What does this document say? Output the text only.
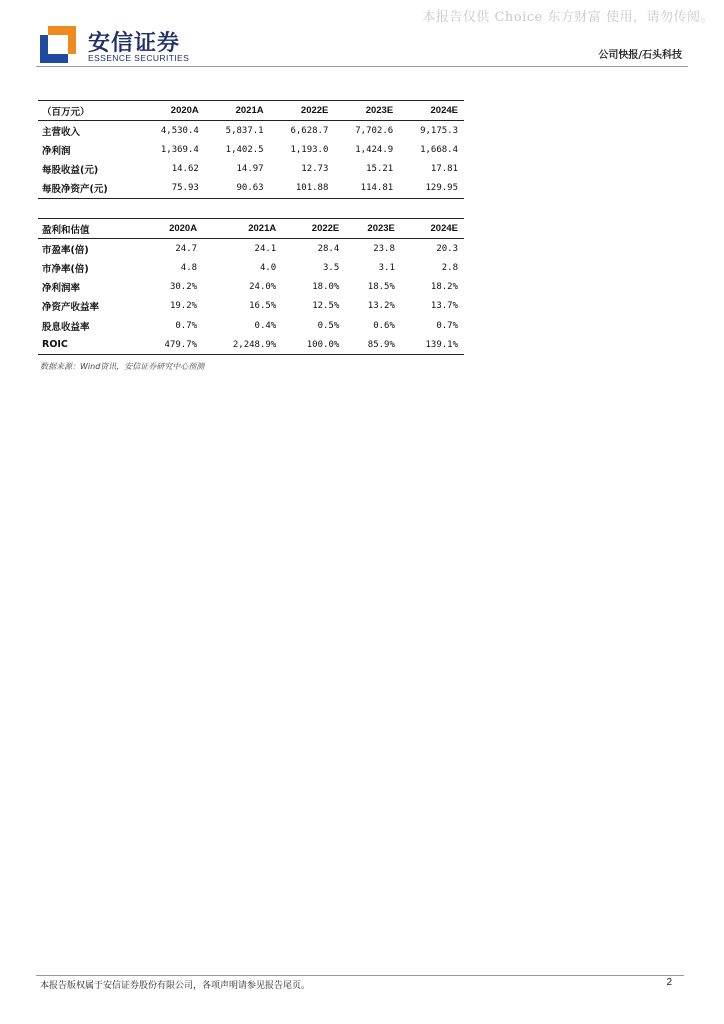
本报告仅供 Choice 东方财富 使用，请勿传阅。
安信证券
ESSENCE SECURITIES	公司快报/石头科技
（百万元）	2020A	2021A	2022E	2023E	2024E
主营收入	4,530.4	5,837.1	6,628.7	7,702.6	9,175.3
净利润	1,369.4	1,402.5	1,193.0	1,424.9	1,668.4
每股收益(元)	14.62	14.97	12.73	15.21	17.81
每股净资产(元)	75.93	90.63	101.88	114.81	129.95
盈利和估值	2020A	2021A	2022E	2023E	2024E
市盈率(倍)	24.7	24.1	28.4	23.8	20.3
市净率(倍)	4.8	4.0	3.5	3.1	2.8
净利润率	30.2%	24.0%	18.0%	18.5%	18.2%
净资产收益率	19.2%	16.5%	12.5%	13.2%	13.7%
股息收益率	0.7%	0.4%	0.5%	0.6%	0.7%
ROIC	479.7%	2,248.9%	100.0%	85.9%	139.1%
数据来源：Wind资讯，安信证券研究中心预测
本报告版权属于安信证券股份有限公司，各项声明请参见报告尾页。	2
